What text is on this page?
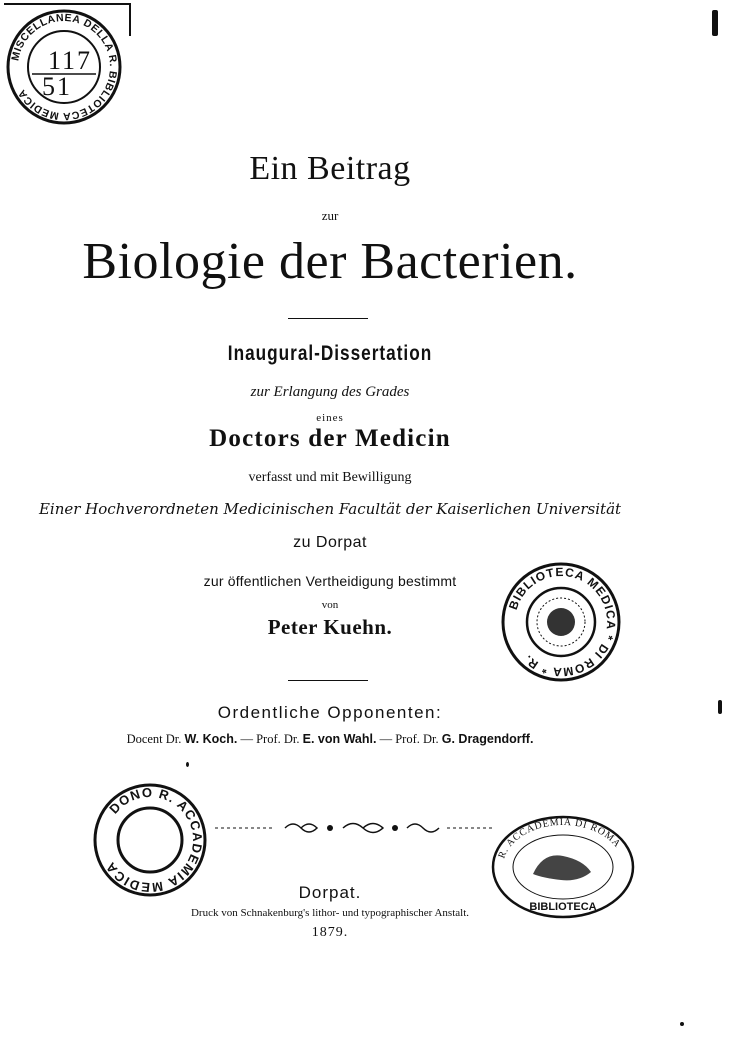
MISCELLANEA DELLA R. BIBLIOTECA MEDICA
117
51
Ein Beitrag
zur
Biologie der Bacterien.
Inaugural-Dissertation
zur Erlangung des Grades
eines
Doctors der Medicin
verfasst und mit Bewilligung
Einer Hochverordneten Medicinischen Facultät der Kaiserlichen Universität
zu Dorpat
zur öffentlichen Vertheidigung bestimmt
von
Peter Kuehn.
BIBLIOTECA MEDICA * DI ROMA * R.
Ordentliche Opponenten:
Docent Dr. W. Koch. — Prof. Dr. E. von Wahl. — Prof. Dr. G. Dragendorff.
DONO R. ACCADEMIA MEDICA
R. ACCADEMIA DI ROMA
BIBLIOTECA
Dorpat.
Druck von Schnakenburg's lithor- und typographischer Anstalt.
1879.
